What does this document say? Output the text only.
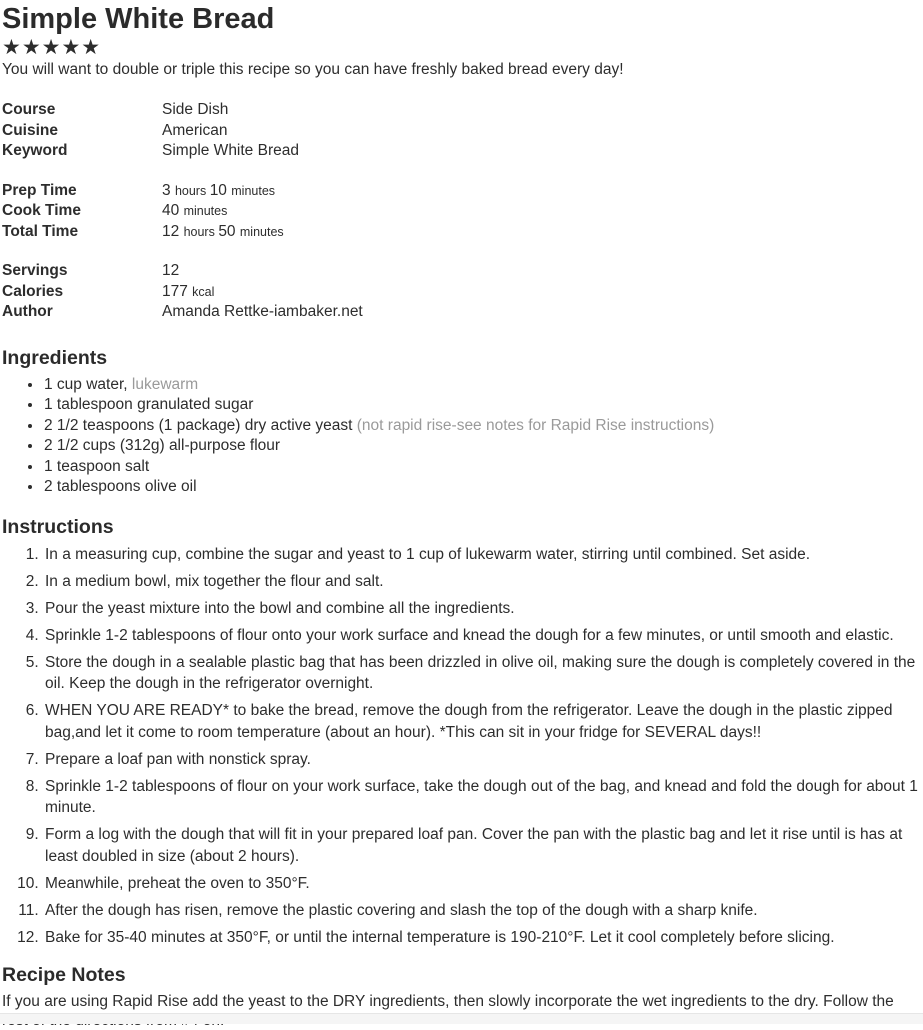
Simple White Bread
★★★★★

You will want to double or triple this recipe so you can have freshly baked bread every day!

Course	Side Dish
Cuisine	American
Keyword	Simple White Bread
Prep Time	3 hours 10 minutes
Cook Time	40 minutes
Total Time	12 hours 50 minutes
Servings	12
Calories	177 kcal
Author	Amanda Rettke-iambaker.net
Ingredients
• 1 cup water, lukewarm
• 1 tablespoon granulated sugar
• 2 1/2 teaspoons (1 package) dry active yeast (not rapid rise-see notes for Rapid Rise instructions)
• 2 1/2 cups (312g) all-purpose flour
• 1 teaspoon salt
• 2 tablespoons olive oil
Instructions
1. In a measuring cup, combine the sugar and yeast to 1 cup of lukewarm water, stirring until combined. Set aside.
2. In a medium bowl, mix together the flour and salt.
3. Pour the yeast mixture into the bowl and combine all the ingredients.
4. Sprinkle 1-2 tablespoons of flour onto your work surface and knead the dough for a few minutes, or until smooth and elastic.
5. Store the dough in a sealable plastic bag that has been drizzled in olive oil, making sure the dough is completely covered in the oil. Keep the dough in the refrigerator overnight.
6. WHEN YOU ARE READY* to bake the bread, remove the dough from the refrigerator. Leave the dough in the plastic zipped bag,and let it come to room temperature (about an hour). *This can sit in your fridge for SEVERAL days!!
7. Prepare a loaf pan with nonstick spray.
8. Sprinkle 1-2 tablespoons of flour on your work surface, take the dough out of the bag, and knead and fold the dough for about 1 minute.
9. Form a log with the dough that will fit in your prepared loaf pan. Cover the pan with the plastic bag and let it rise until is has at least doubled in size (about 2 hours).
10. Meanwhile, preheat the oven to 350°F.
11. After the dough has risen, remove the plastic covering and slash the top of the dough with a sharp knife.
12. Bake for 35-40 minutes at 350°F, or until the internal temperature is 190-210°F. Let it cool completely before slicing.
Recipe Notes

If you are using Rapid Rise add the yeast to the DRY ingredients, then slowly incorporate the wet ingredients to the dry. Follow the
